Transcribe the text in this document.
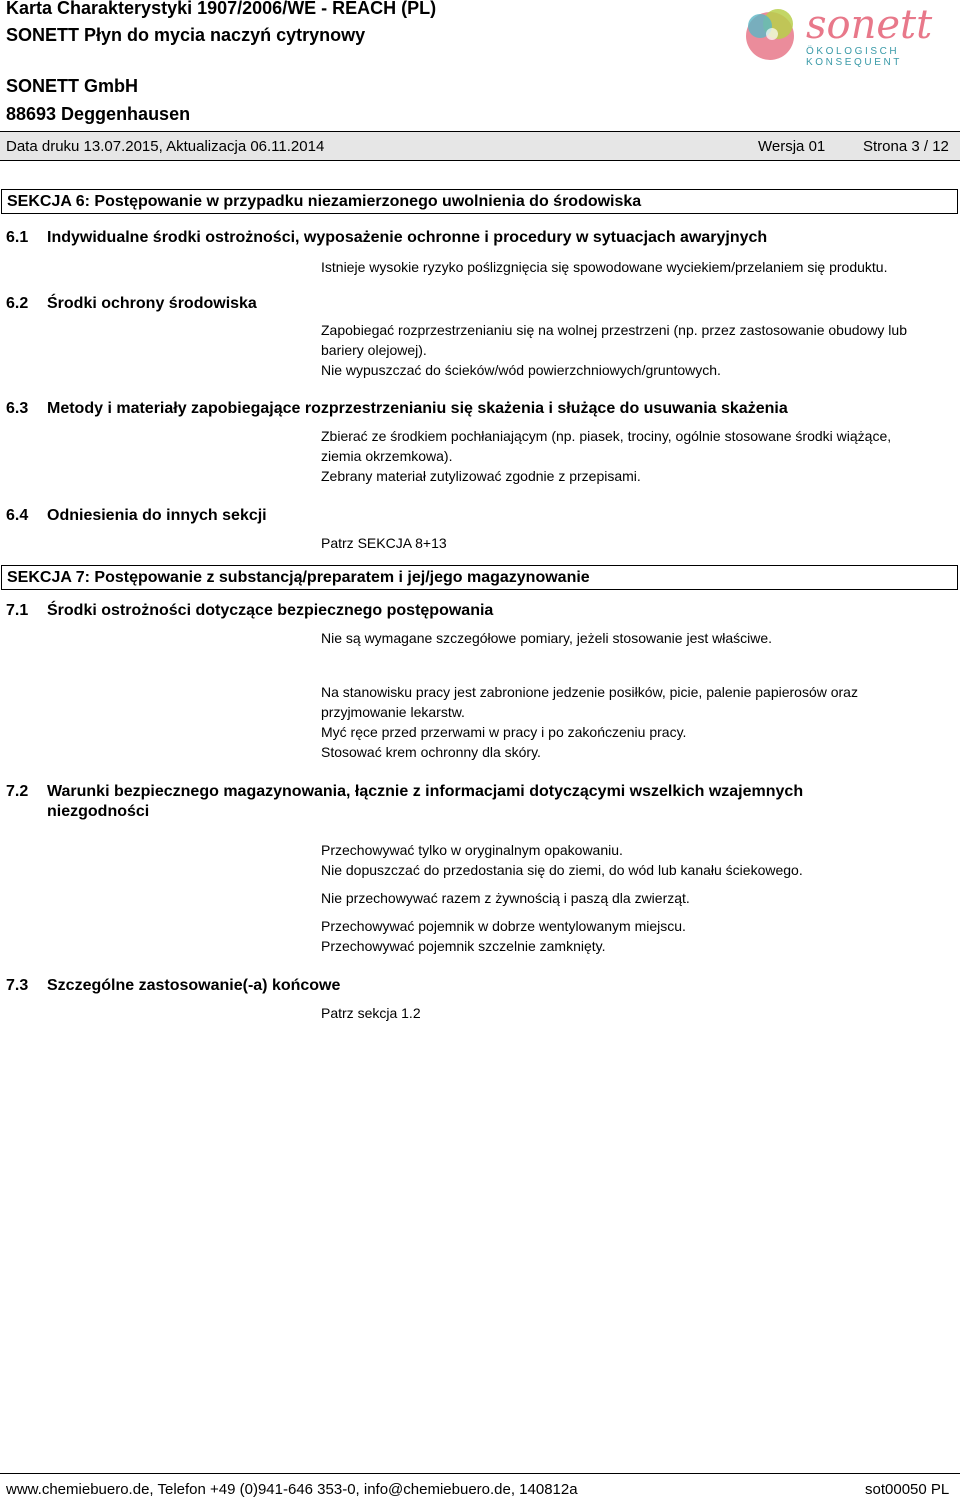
Karta Charakterystyki 1907/2006/WE - REACH (PL)
SONETT Płyn do mycia naczyń cytrynowy
SONETT GmbH
88693 Deggenhausen
sonett
ÖKOLOGISCH KONSEQUENT
Data druku 13.07.2015, Aktualizacja 06.11.2014	Wersja 01	Strona 3 / 12
SEKCJA 6: Postępowanie w przypadku niezamierzonego uwolnienia do środowiska
6.1 Indywidualne środki ostrożności, wyposażenie ochronne i procedury w sytuacjach awaryjnych
Istnieje wysokie ryzyko poślizgnięcia się spowodowane wyciekiem/przelaniem się produktu.
6.2 Środki ochrony środowiska
Zapobiegać rozprzestrzenianiu się na wolnej przestrzeni (np. przez zastosowanie obudowy lub
bariery olejowej).
Nie wypuszczać do ścieków/wód powierzchniowych/gruntowych.
6.3 Metody i materiały zapobiegające rozprzestrzenianiu się skażenia i służące do usuwania skażenia
Zbierać ze środkiem pochłaniającym (np. piasek, trociny, ogólnie stosowane środki wiążące,
ziemia okrzemkowa).
Zebrany materiał zutylizować zgodnie z przepisami.
6.4 Odniesienia do innych sekcji
Patrz SEKCJA 8+13
SEKCJA 7: Postępowanie z substancją/preparatem i jej/jego magazynowanie
7.1 Środki ostrożności dotyczące bezpiecznego postępowania
Nie są wymagane szczegółowe pomiary, jeżeli stosowanie jest właściwe.
Na stanowisku pracy jest zabronione jedzenie posiłków, picie, palenie papierosów oraz
przyjmowanie lekarstw.
Myć ręce przed przerwami w pracy i po zakończeniu pracy.
Stosować krem ochronny dla skóry.
7.2 Warunki bezpiecznego magazynowania, łącznie z informacjami dotyczącymi wszelkich wzajemnych
niezgodności
Przechowywać tylko w oryginalnym opakowaniu.
Nie dopuszczać do przedostania się do ziemi, do wód lub kanału ściekowego.
Nie przechowywać razem z żywnością i paszą dla zwierząt.
Przechowywać pojemnik w dobrze wentylowanym miejscu.
Przechowywać pojemnik szczelnie zamknięty.
7.3 Szczególne zastosowanie(-a) końcowe
Patrz sekcja 1.2
www.chemiebuero.de, Telefon +49 (0)941-646 353-0, info@chemiebuero.de, 140812a	sot00050 PL
